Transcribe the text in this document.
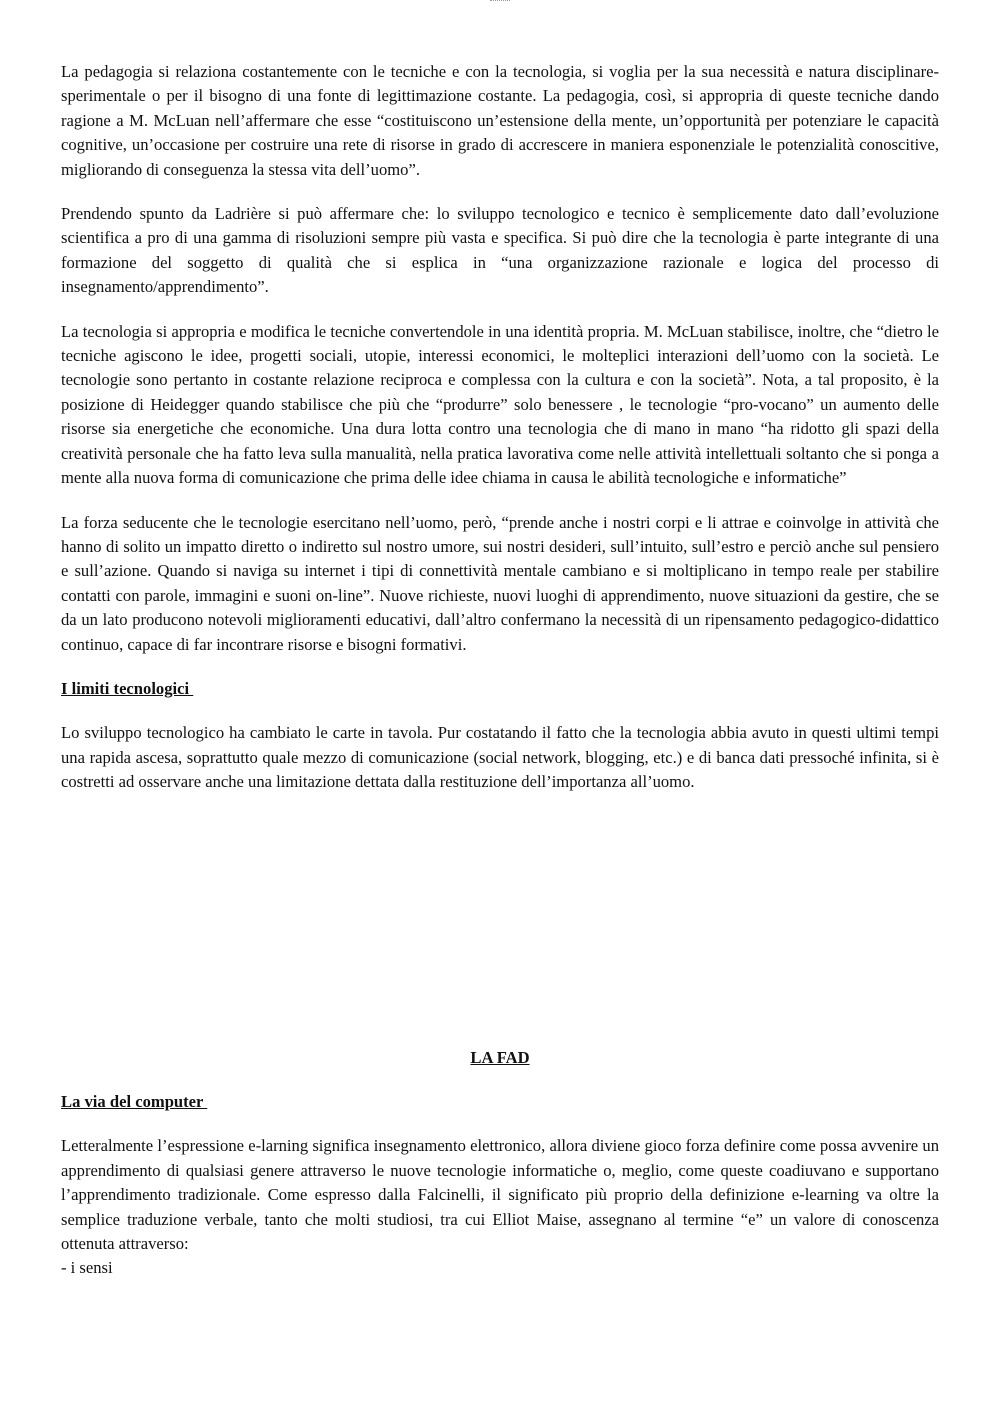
La pedagogia si relaziona costantemente con le tecniche e con la tecnologia, si voglia per la sua necessità e natura disciplinare-sperimentale o per il bisogno di una fonte di legittimazione costante. La pedagogia, così, si appropria di queste tecniche dando ragione a M. McLuan nell’affermare che esse “costituiscono un’estensione della mente, un’opportunità per potenziare le capacità cognitive, un’occasione per costruire una rete di risorse in grado di accrescere in maniera esponenziale le potenzialità conoscitive, migliorando di conseguenza la stessa vita dell’uomo”.

Prendendo spunto da Ladrière si può affermare che: lo sviluppo tecnologico e tecnico è semplicemente dato dall’evoluzione scientifica a pro di una gamma di risoluzioni sempre più vasta e specifica. Si può dire che la tecnologia è parte integrante di una formazione del soggetto di qualità che si esplica in “una organizzazione razionale e logica del processo di insegnamento/apprendimento”.

La tecnologia si appropria e modifica le tecniche convertendole in una identità propria. M. McLuan stabilisce, inoltre, che “dietro le tecniche agiscono le idee, progetti sociali, utopie, interessi economici, le molteplici interazioni dell’uomo con la società. Le tecnologie sono pertanto in costante relazione reciproca e complessa con la cultura e con la società”. Nota, a tal proposito, è la posizione di Heidegger quando stabilisce che più che “produrre” solo benessere , le tecnologie “pro-vocano” un aumento delle risorse sia energetiche che economiche. Una dura lotta contro una tecnologia che di mano in mano “ha ridotto gli spazi della creatività personale che ha fatto leva sulla manualità, nella pratica lavorativa come nelle attività intellettuali soltanto che si ponga a mente alla nuova forma di comunicazione che prima delle idee chiama in causa le abilità tecnologiche e informatiche”

La forza seducente che le tecnologie esercitano nell’uomo, però, “prende anche i nostri corpi e li attrae e coinvolge in attività che hanno di solito un impatto diretto o indiretto sul nostro umore, sui nostri desideri, sull’intuito, sull’estro e perciò anche sul pensiero e sull’azione. Quando si naviga su internet i tipi di connettività mentale cambiano e si moltiplicano in tempo reale per stabilire contatti con parole, immagini e suoni on-line”. Nuove richieste, nuovi luoghi di apprendimento, nuove situazioni da gestire, che se da un lato producono notevoli miglioramenti educativi, dall’altro confermano la necessità di un ripensamento pedagogico-didattico continuo, capace di far incontrare risorse e bisogni formativi.

I limiti tecnologici

Lo sviluppo tecnologico ha cambiato le carte in tavola. Pur costatando il fatto che la tecnologia abbia avuto in questi ultimi tempi una rapida ascesa, soprattutto quale mezzo di comunicazione (social network, blogging, etc.) e di banca dati pressoché infinita, si è costretti ad osservare anche una limitazione dettata dalla restituzione dell’importanza all’uomo.

LA FAD
La via del computer

Letteralmente l’espressione e-larning significa insegnamento elettronico, allora diviene gioco forza definire come possa avvenire un apprendimento di qualsiasi genere attraverso le nuove tecnologie informatiche o, meglio, come queste coadiuvano e supportano l’apprendimento tradizionale. Come espresso dalla Falcinelli, il significato più proprio della definizione e-learning va oltre la semplice traduzione verbale, tanto che molti studiosi, tra cui Elliot Maise, assegnano al termine “e” un valore di conoscenza ottenuta attraverso:

- i sensi
